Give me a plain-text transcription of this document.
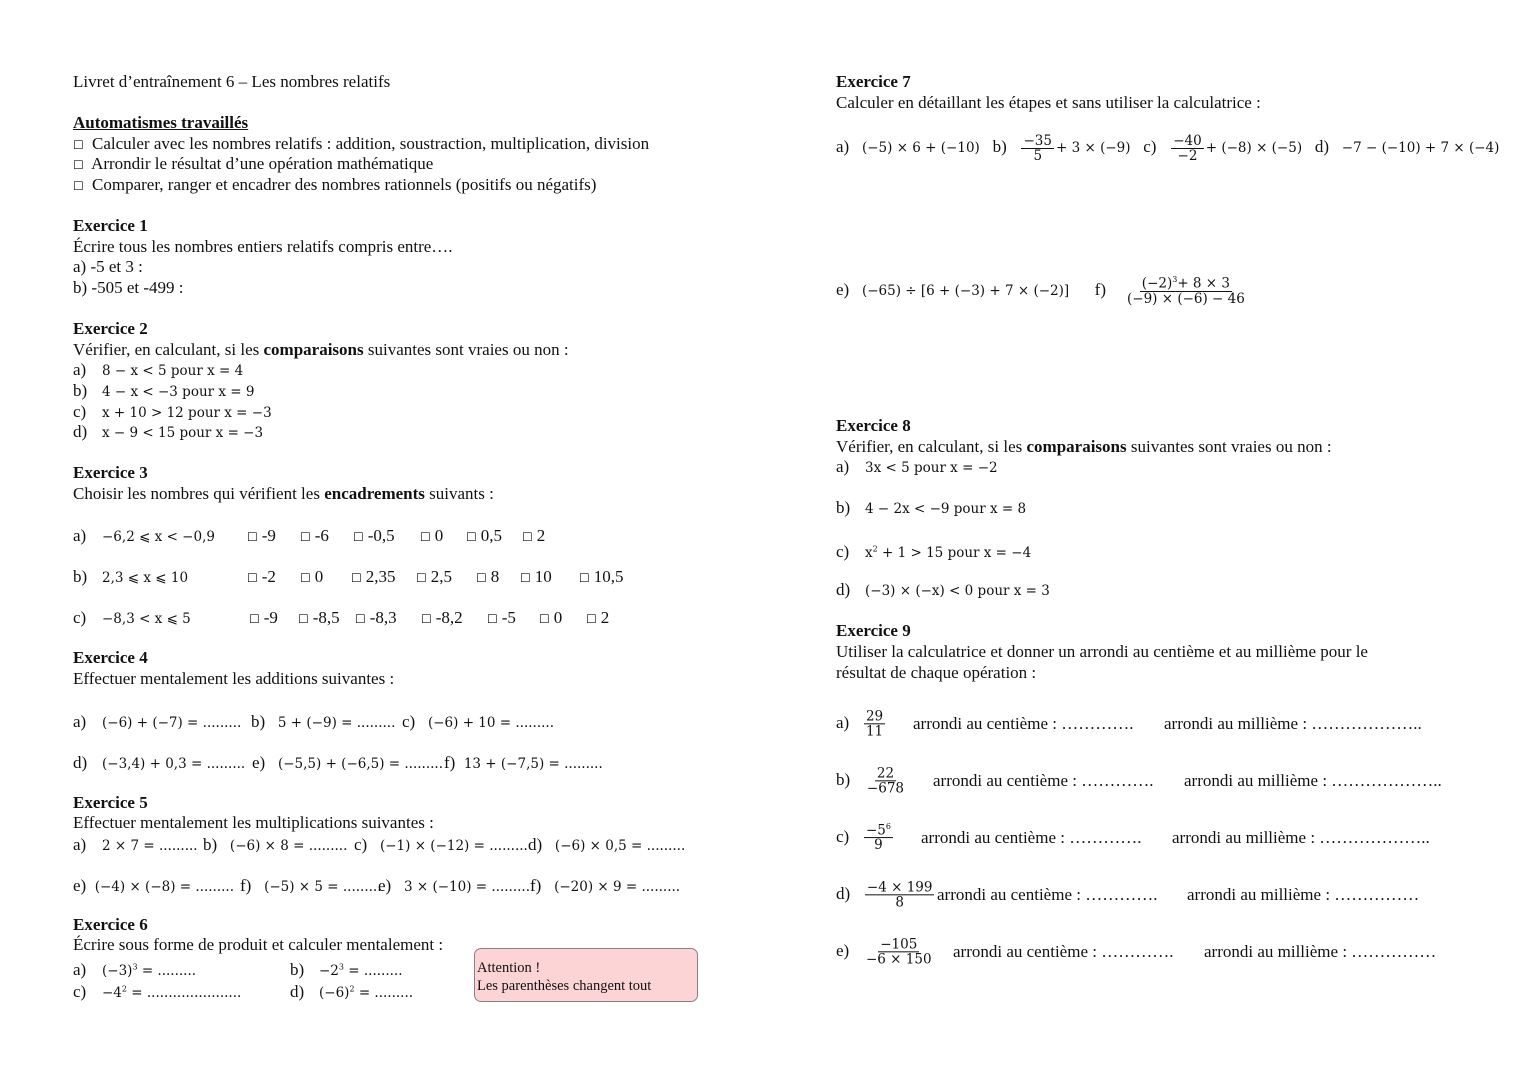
Livret d’entraînement 6 – Les nombres relatifs
Automatismes travaillés
☐ Calculer avec les nombres relatifs : addition, soustraction, multiplication, division
☐ Arrondir le résultat d’une opération mathématique
☐ Comparer, ranger et encadrer des nombres rationnels (positifs ou négatifs)
Exercice 1
Écrire tous les nombres entiers relatifs compris entre….
a) -5 et 3 :
b) -505 et -499 :
Exercice 2
Vérifier, en calculant, si les comparaisons suivantes sont vraies ou non :
a) 8 − x < 5 pour x = 4
b) 4 − x < −3 pour x = 9
c) x + 10 > 12 pour x = −3
d) x − 9 < 15 pour x = −3
Exercice 3
Choisir les nombres qui vérifient les encadrements suivants :
a) −6,2 ⩽ x < −0,9	☐ -9 ☐ -6 ☐ -0,5 ☐ 0 ☐ 0,5 ☐ 2
b) 2,3 ⩽ x ⩽ 10	☐ -2 ☐ 0 ☐ 2,35 ☐ 2,5 ☐ 8 ☐ 10 ☐ 10,5
c) −8,3 < x ⩽ 5	☐ -9 ☐ -8,5 ☐ -8,3 ☐ -8,2 ☐ -5 ☐ 0 ☐ 2
Exercice 4
Effectuer mentalement les additions suivantes :
a) (−6) + (−7) = ......... b) 5 + (−9) = ......... c) (−6) + 10 = .........
d) (−3,4) + 0,3 = ......... e) (−5,5) + (−6,5) = ......... f) 13 + (−7,5) = .........
Exercice 5
Effectuer mentalement les multiplications suivantes :
a) 2 × 7 = ......... b) (−6) × 8 = ......... c) (−1) × (−12) = ......... d) (−6) × 0,5 = .........
e) (−4) × (−8) = ......... f) (−5) × 5 = .........
e) 3 × (−10) = ......... f) (−20) × 9 = .........
Exercice 6
Écrire sous forme de produit et calculer mentalement :
a) $(-3)^3$ = .........	$b) -2^3$ = .........
$c) -4^2$ = ......................	d) $(-6)^2$ = .........
Attention !
Les parenthèses changent tout
Exercice 7
Calculer en détaillant les étapes et sans utiliser la calculatrice :
a) (−5) × 6 + (−10) $b) \frac{-35}{5} + 3 \times (-9)$ $c) \frac{-40}{-2} + (-8) \times (-5)$ d) −7 − (−10) + 7 × (−4)
e) (−65) ÷ [6 + (−3) + 7 × (−2)] $f) \frac{(-2)^3+ 8 \times 3}{(-9) \times (-6) - 46}$
Exercice 8
Vérifier, en calculant, si les comparaisons suivantes sont vraies ou non :
a) 3x < 5 pour x = −2
b) 4 − 2x < −9 pour x = 8
c) $x^2 + 1 > 15$ pour x = −4
d) (−3) × (−x) < 0 pour x = 3
Exercice 9
Utiliser la calculatrice et donner un arrondi au centième et au millième pour le
résultat de chaque opération :
$a) \frac{29}{11}$ arrondi au centième : …………. arrondi au millième : ………………..
$b) \frac{22}{-678}$ arrondi au centième : …………. arrondi au millième : ………………..
$c) \frac{-5^6}{9}$ arrondi au centième : …………. arrondi au millième : ………………..
$d) \frac{-4 \times 199}{8}$ arrondi au centième : …………. arrondi au millième : ……………
$e) \frac{-105}{-6 \times 150}$ arrondi au centième : …………. arrondi au millième : ……………
